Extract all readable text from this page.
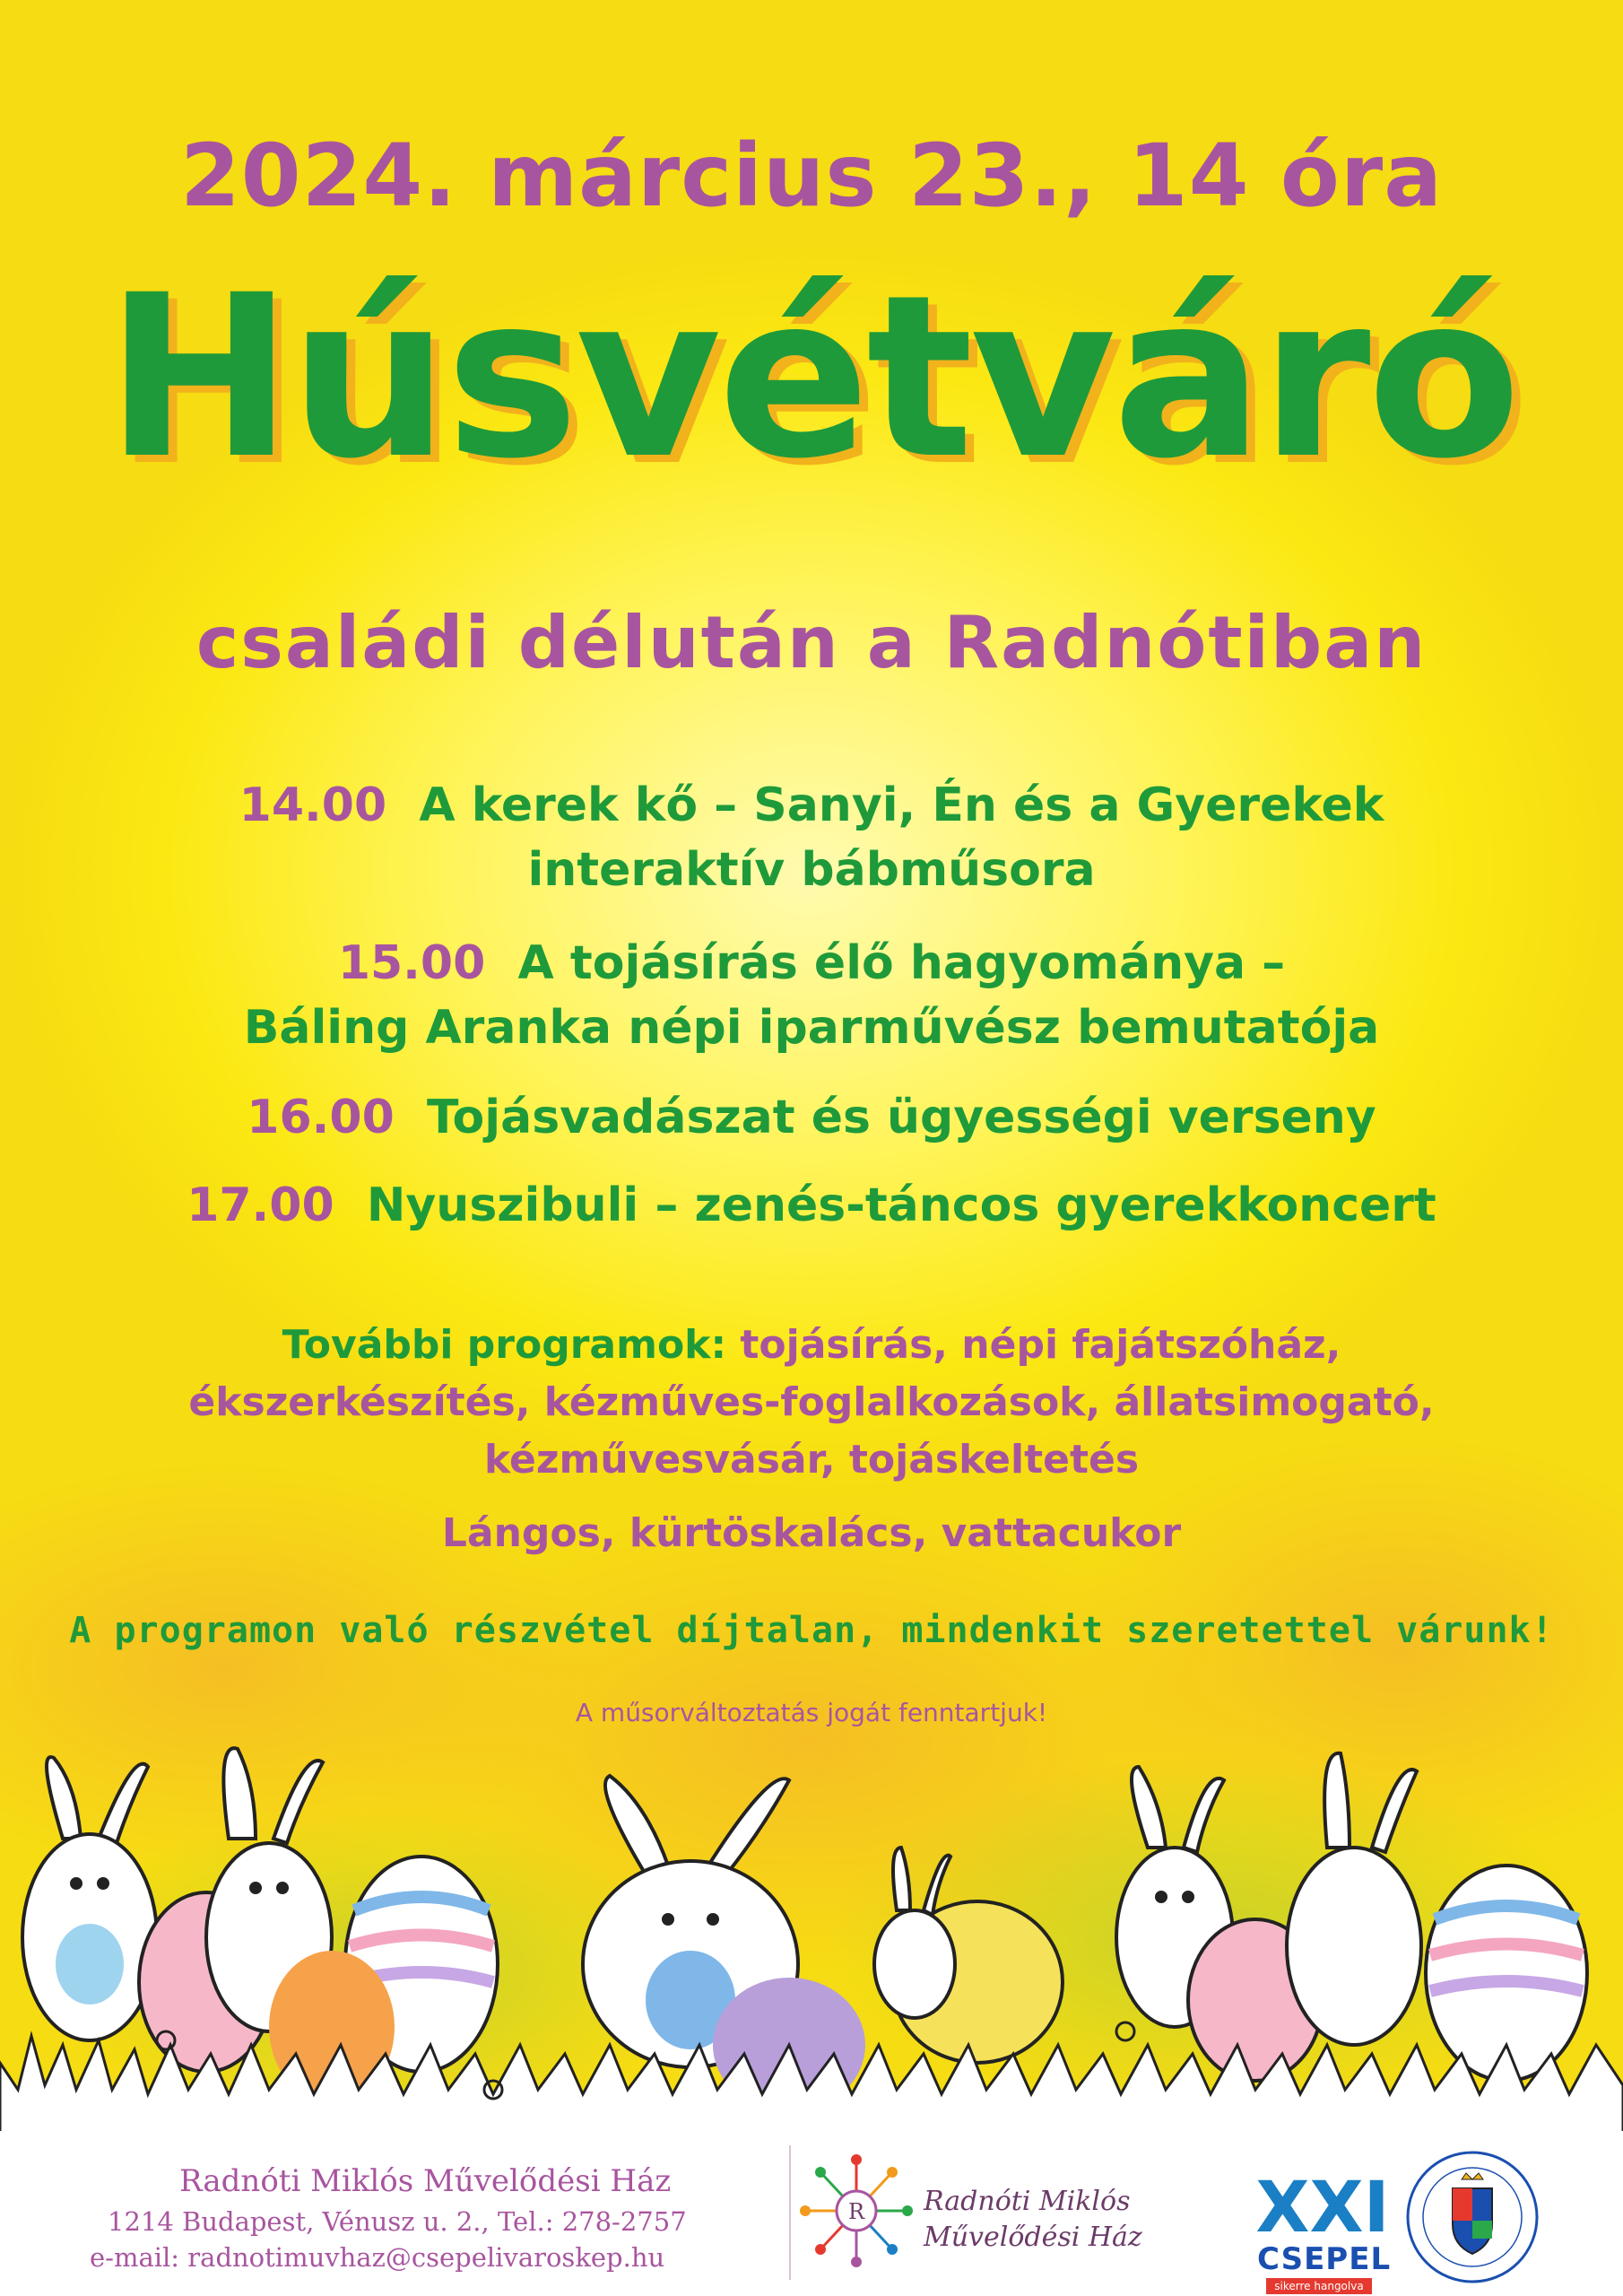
2024. március 23., 14 óra
Húsvétváró
családi délután a Radnótiban
14.00 A kerek kő – Sanyi, Én és a Gyerekek
interaktív bábműsora
15.00 A tojásírás élő hagyománya –
Báling Aranka népi iparművész bemutatója
16.00 Tojásvadászat és ügyességi verseny
17.00 Nyuszibuli – zenés-táncos gyerekkoncert
További programok: tojásírás, népi fajátszóház,
ékszerkészítés, kézműves-foglalkozások, állatsimogató,
kézművesvásár, tojáskeltetés
Lángos, kürtöskalács, vattacukor
A programon való részvétel díjtalan, mindenkit szeretettel várunk!
A műsorváltoztatás jogát fenntartjuk!
Radnóti Miklós Művelődési Ház
1214 Budapest, Vénusz u. 2., Tel.: 278-2757
e-mail: radnotimuvhaz@csepelivaroskep.hu
R Radnóti Miklós
Művelődési Ház XXI
CSEPEL
sikerre hangolva
